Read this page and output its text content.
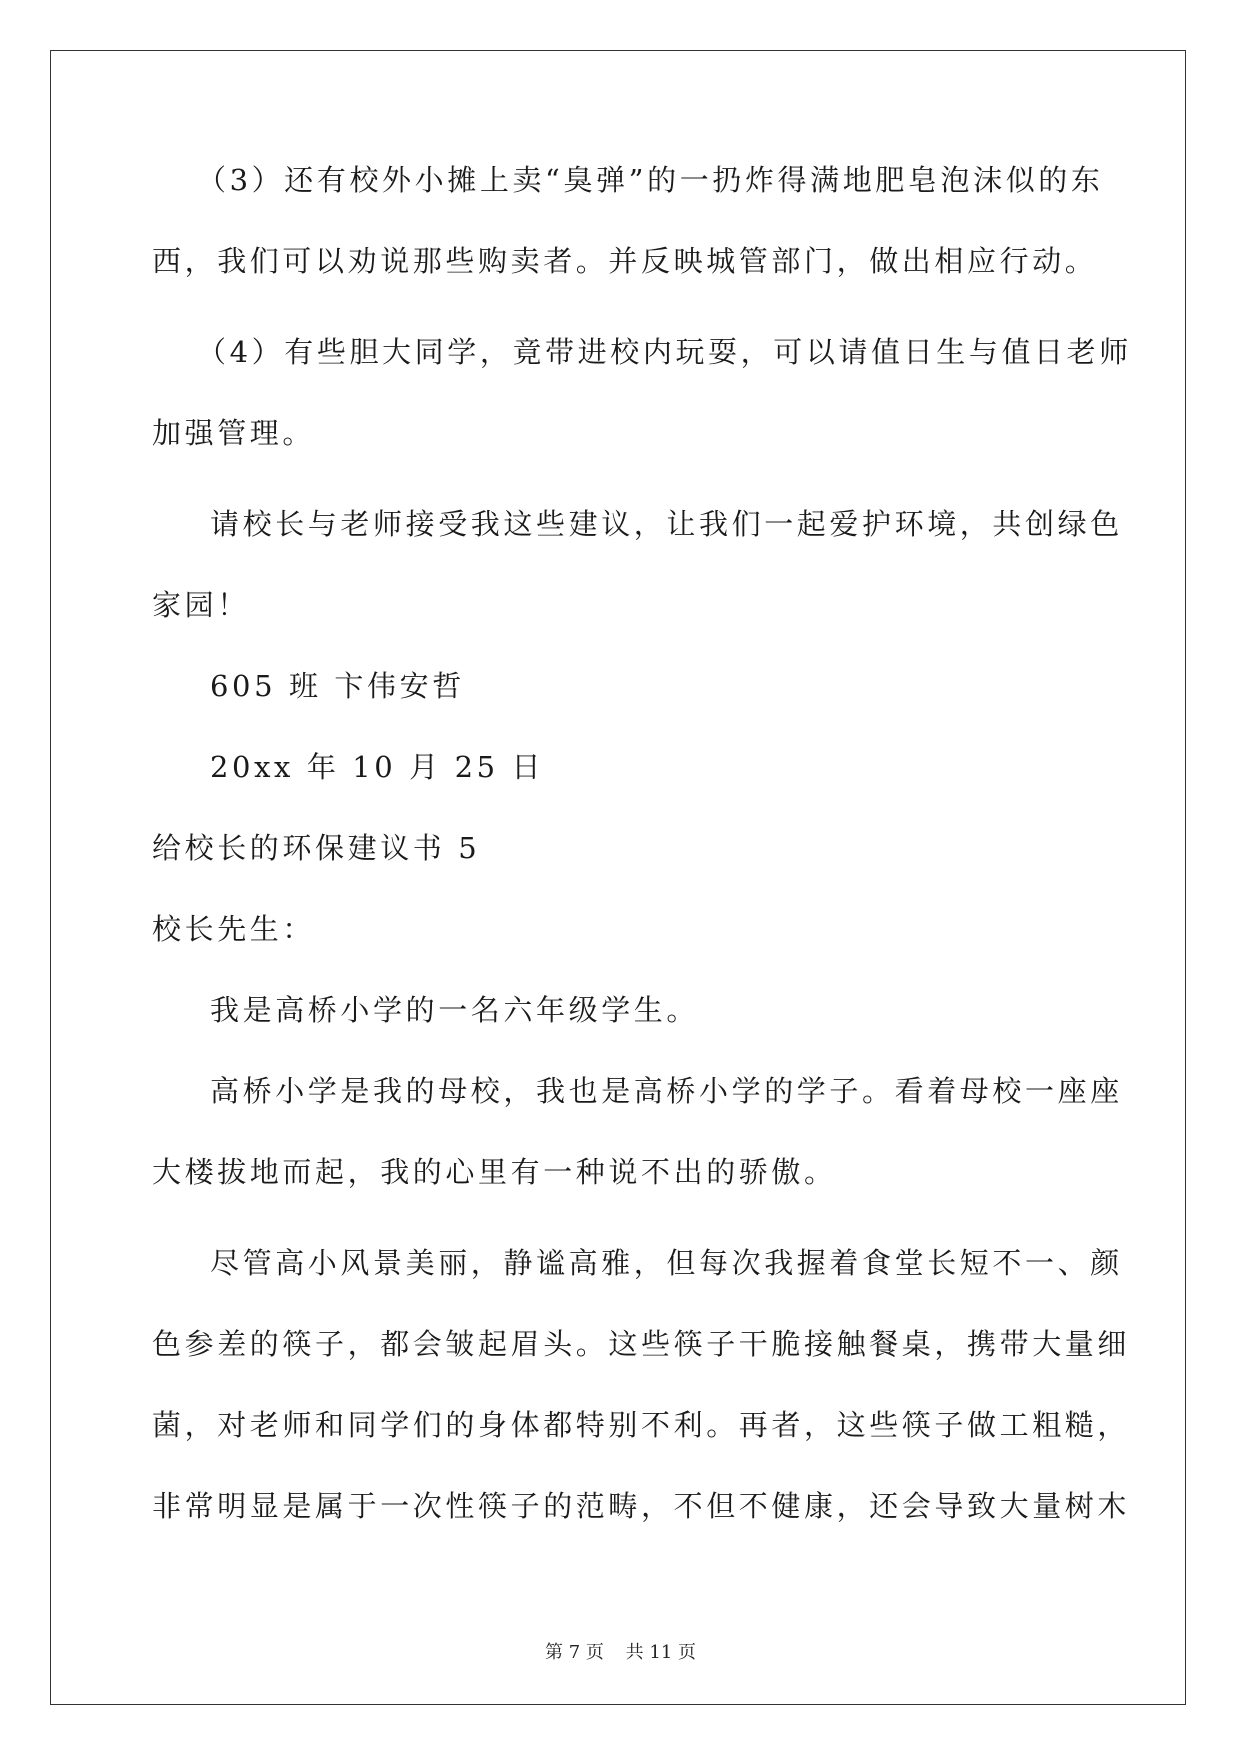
（3）还有校外小摊上卖“臭弹”的一扔炸得满地肥皂泡沫似的东
西，我们可以劝说那些购卖者。并反映城管部门，做出相应行动。
（4）有些胆大同学，竟带进校内玩耍，可以请值日生与值日老师
加强管理。
请校长与老师接受我这些建议，让我们一起爱护环境，共创绿色
家园！
605 班 卞伟安哲
20xx 年 10 月 25 日
给校长的环保建议书 5
校长先生：
我是高桥小学的一名六年级学生。
高桥小学是我的母校，我也是高桥小学的学子。看着母校一座座
大楼拔地而起，我的心里有一种说不出的骄傲。
尽管高小风景美丽，静谧高雅，但每次我握着食堂长短不一、颜
色参差的筷子，都会皱起眉头。这些筷子干脆接触餐桌，携带大量细
菌，对老师和同学们的身体都特别不利。再者，这些筷子做工粗糙，
非常明显是属于一次性筷子的范畴，不但不健康，还会导致大量树木
第 7 页 共 11 页
